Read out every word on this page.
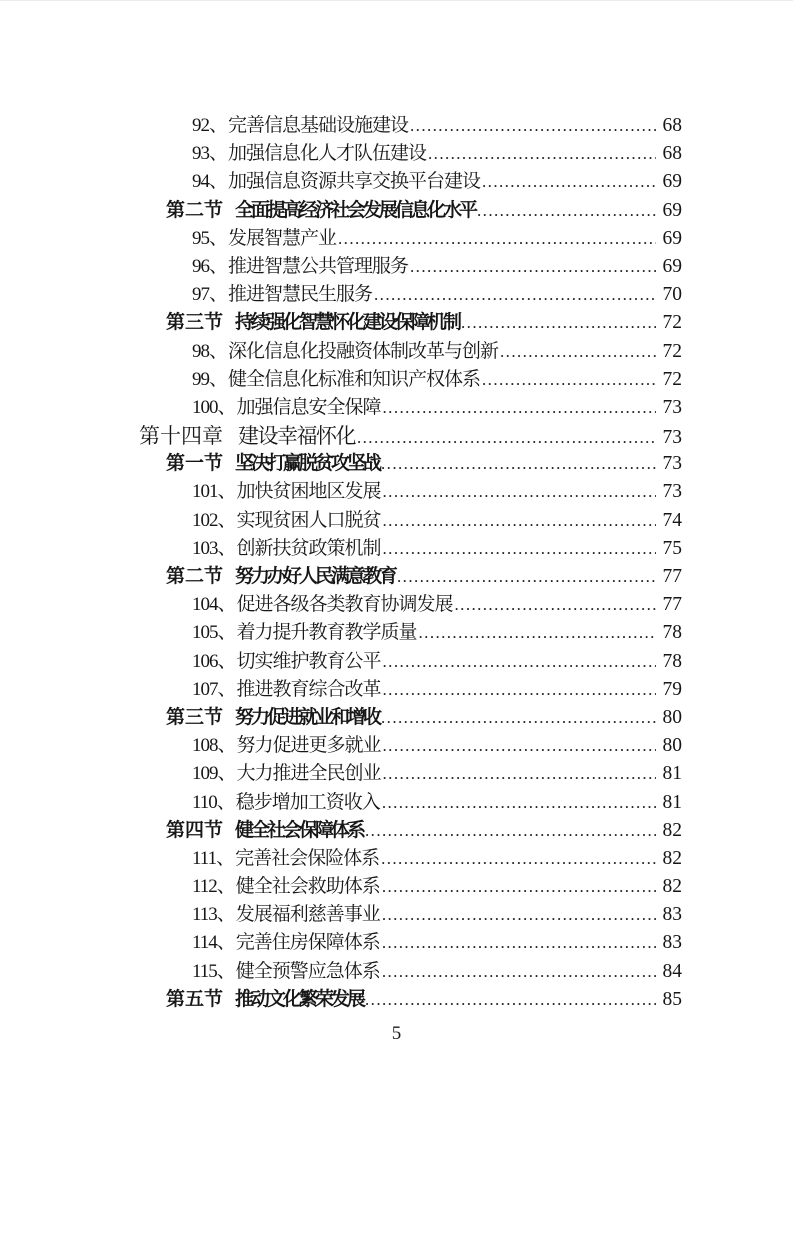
92、 完善信息基础设施建设 .....	68
93、 加强信息化人才队伍建设 .....	68
94、 加强信息资源共享交换平台建设 .....	69
第二节 全面提高经济社会发展信息化水平 .....	69
95、 发展智慧产业 .....	69
96、 推进智慧公共管理服务 .....	69
97、 推进智慧民生服务 .....	70
第三节 持续强化智慧怀化建设保障机制 .....	72
98、 深化信息化投融资体制改革与创新 .....	72
99、 健全信息化标准和知识产权体系 .....	72
100、 加强信息安全保障 .....	73
第十四章 建设幸福怀化 .....	73
第一节 坚决打赢脱贫攻坚战 .....	73
101、 加快贫困地区发展 .....	73
102、 实现贫困人口脱贫 .....	74
103、 创新扶贫政策机制 .....	75
第二节 努力办好人民满意教育 .....	77
104、 促进各级各类教育协调发展 .....	77
105、 着力提升教育教学质量 .....	78
106、 切实维护教育公平 .....	78
107、 推进教育综合改革 .....	79
第三节 努力促进就业和增收 .....	80
108、 努力促进更多就业 .....	80
109、 大力推进全民创业 .....	81
110、 稳步增加工资收入 .....	81
第四节 健全社会保障体系 .....	82
111、 完善社会保险体系 .....	82
112、 健全社会救助体系 .....	82
113、 发展福利慈善事业 .....	83
114、 完善住房保障体系 .....	83
115、 健全预警应急体系 .....	84
第五节 推动文化繁荣发展 .....	85
5
